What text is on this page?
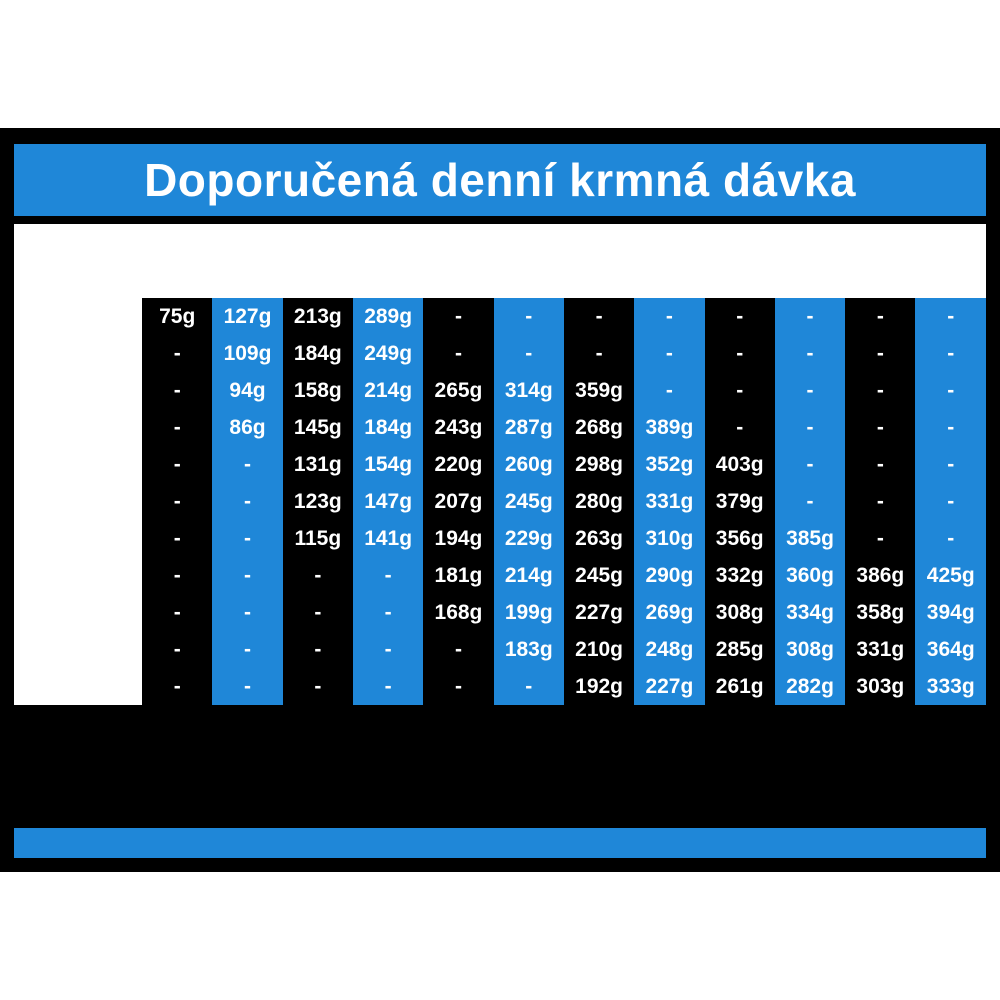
Doporučená denní krmná dávka
Věk
(měsíce)	Hmotnost / váha											
	1kg	2kg	4kg	6kg	8kg	10kg	12kg	15kg	18kg	20kg	22kg	25kg
2	75g	127g	213g	289g	-	-	-	-	-	-	-	-
3	-	109g	184g	249g	-	-	-	-	-	-	-	-
4	-	94g	158g	214g	265g	314g	359g	-	-	-	-	-
5	-	86g	145g	184g	243g	287g	268g	389g	-	-	-	-
6	-	-	131g	154g	220g	260g	298g	352g	403g	-	-	-
7	-	-	123g	147g	207g	245g	280g	331g	379g	-	-	-
8	-	-	115g	141g	194g	229g	263g	310g	356g	385g	-	-
9	-	-	-	-	181g	214g	245g	290g	332g	360g	386g	425g
10	-	-	-	-	168g	199g	227g	269g	308g	334g	358g	394g
11	-	-	-	-	-	183g	210g	248g	285g	308g	331g	364g
12	-	-	-	-	-	-	192g	227g	261g	282g	303g	333g
